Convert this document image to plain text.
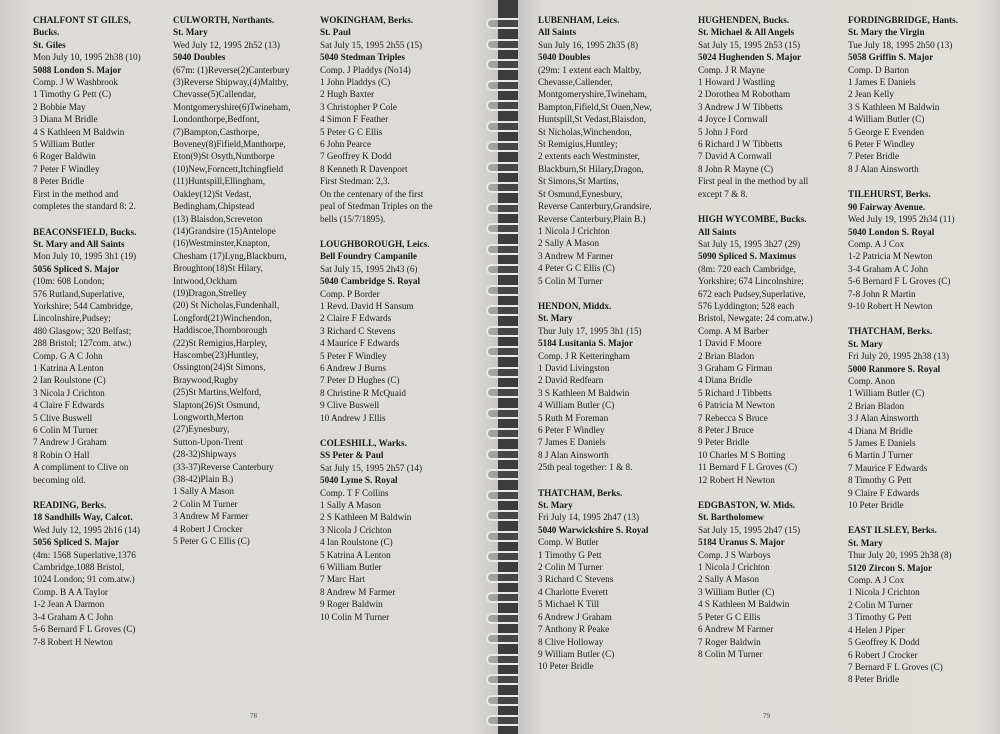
CHALFONT ST GILES,
Bucks.
St. Giles
Mon July 10, 1995 2h38 (10)
5088 London S. Major
Comp. J W Washbrook
1 Timothy G Pett (C)
2 Bobbie May
3 Diana M Bridle
4 S Kathleen M Baldwin
5 William Butler
6 Roger Baldwin
7 Peter F Windley
8 Peter Bridle
First in the method and
completes the standard 8: 2.
BEACONSFIELD, Bucks.
St. Mary and All Saints
Mon July 10, 1995 3h1 (19)
5056 Spliced S. Major
(10m: 608 London;
576 Rutland,Superlative,
Yorkshire; 544 Cambridge,
Lincolnshire,Pudsey;
480 Glasgow; 320 Belfast;
288 Bristol; 127com. atw.)
Comp. G A C John
1 Katrina A Lenton
2 Ian Roulstone (C)
3 Nicola J Crichton
4 Claire F Edwards
5 Clive Buswell
6 Colin M Turner
7 Andrew J Graham
8 Robin O Hall
A compliment to Clive on
becoming old.
READING, Berks.
18 Sandhills Way, Calcot.
Wed July 12, 1995 2h16 (14)
5056 Spliced S. Major
(4m: 1568 Superlative,1376
Cambridge,1088 Bristol,
1024 London; 91 com.atw.)
Comp. B A A Taylor
1-2 Jean A Darmon
3-4 Graham A C John
5-6 Bernard F L Groves (C)
7-8 Robert H Newton
CULWORTH, Northants.
St. Mary
Wed July 12, 1995 2h52 (13)
5040 Doubles
(67m: (1)Reverse(2)Canterbury
(3)Reverse Shipway,(4)Maltby,
Chevasse(5)Callendar,
Montgomeryshire(6)Twineham,
Londonthorpe,Bedfont,
(7)Bampton,Casthorpe,
Boveney(8)Fifield,Manthorpe,
Eton(9)St Osyth,Nunthorpe
(10)New,Forncett,Itchingfield
(11)Huntspill,Ellingham,
Oakley(12)St Vedast,
Bedingham,Chipstead
(13) Blaisdon,Screveton
(14)Grandsire (15)Antelope
(16)Westminster,Knapton,
Chesham (17)Lyng,Blackburn,
Broughton(18)St Hilary,
Intwood,Ockham
(19)Dragon,Strelley
(20) St Nicholas,Fundenhall,
Longford(21)Winchendon,
Haddiscoe,Thornborough
(22)St Remigius,Harpley,
Hascombe(23)Huntley,
Ossington(24)St Simons,
Braywood,Rugby
(25)St Martins,Welford,
Slapton(26)St Osmund,
Longworth,Merton
(27)Eynesbury,
Sutton-Upon-Trent
(28-32)Shipways
(33-37)Reverse Canterbury
(38-42)Plain B.)
1 Sally A Mason
2 Colin M Turner
3 Andrew M Farmer
4 Robert J Crocker
5 Peter G C Ellis (C)
WOKINGHAM, Berks.
St. Paul
Sat July 15, 1995 2h55 (15)
5040 Stedman Triples
Comp. J Pladdys (No14)
1 John Pladdys (C)
2 Hugh Baxter
3 Christopher P Cole
4 Simon F Feather
5 Peter G C Ellis
6 John Pearce
7 Geoffrey K Dodd
8 Kenneth R Davenport
First Stedman: 2,3.
On the centenary of the first
peal of Stedman Triples on the
bells (15/7/1895).
LOUGHBOROUGH, Leics.
Bell Foundry Campanile
Sat July 15, 1995 2h43 (6)
5040 Cambridge S. Royal
Comp. P Border
1 Revd. David H Sansum
2 Claire F Edwards
3 Richard C Stevens
4 Maurice F Edwards
5 Peter F Windley
6 Andrew J Burns
7 Peter D Hughes (C)
8 Christine R McQuaid
9 Clive Buswell
10 Andrew J Ellis
COLESHILL, Warks.
SS Peter & Paul
Sat July 15, 1995 2h57 (14)
5040 Lyme S. Royal
Comp. T F Collins
1 Sally A Mason
2 S Kathleen M Baldwin
3 Nicola J Crichton
4 Ian Roulstone (C)
5 Katrina A Lenton
6 William Butler
7 Marc Hart
8 Andrew M Farmer
9 Roger Baldwin
10 Colin M Turner
78
LUBENHAM, Leics.
All Saints
Sun July 16, 1995 2h35 (8)
5040 Doubles
(29m: 1 extent each Maltby,
Chevasse,Callender,
Montgomeryshire,Twineham,
Bampton,Fifield,St Ouen,New,
Huntspill,St Vedast,Blaisdon,
St Nicholas,Winchendon,
St Remigius,Huntley;
2 extents each Westminster,
Blackburn,St Hilary,Dragon,
St Simons,St Martins,
St Osmund,Eynesbury,
Reverse Canterbury,Grandsire,
Reverse Canterbury,Plain B.)
1 Nicola J Crichton
2 Sally A Mason
3 Andrew M Farmer
4 Peter G C Ellis (C)
5 Colin M Turner
HENDON, Middx.
St. Mary
Thur July 17, 1995 3h1 (15)
5184 Lusitania S. Major
Comp. J R Ketteringham
1 David Livingston
2 David Redfearn
3 S Kathleen M Baldwin
4 William Butler (C)
5 Ruth M Foreman
6 Peter F Windley
7 James E Daniels
8 J Alan Ainsworth
25th peal together: 1 & 8.
THATCHAM, Berks.
St. Mary
Fri July 14, 1995 2h47 (13)
5040 Warwickshire S. Royal
Comp. W Butler
1 Timothy G Pett
2 Colin M Turner
3 Richard C Stevens
4 Charlotte Everett
5 Michael K Till
6 Andrew J Graham
7 Anthony R Peake
8 Clive Holloway
9 William Butler (C)
10 Peter Bridle
HUGHENDEN, Bucks.
St. Michael & All Angels
Sat July 15, 1995 2h53 (15)
5024 Hughenden S. Major
Comp. J R Mayne
1 Howard J Wastling
2 Dorothea M Robotham
3 Andrew J W Tibbetts
4 Joyce I Cornwall
5 John J Ford
6 Richard J W Tibbetts
7 David A Cornwall
8 John R Mayne (C)
First peal in the method by all
except 7 & 8.
HIGH WYCOMBE, Bucks.
All Saints
Sat July 15, 1995 3h27 (29)
5090 Spliced S. Maximus
(8m: 720 each Cambridge,
Yorkshire; 674 Lincolnshire;
672 each Pudsey,Superlative,
576 Lyddington; 528 each
Bristol, Newgate: 24 com.atw.)
Comp. A M Barber
1 David F Moore
2 Brian Bladon
3 Graham G Firman
4 Diana Bridle
5 Richard J Tibbetts
6 Patricia M Newton
7 Rebecca S Bruce
8 Peter J Bruce
9 Peter Bridle
10 Charles M S Botting
11 Bernard F L Groves (C)
12 Robert H Newton
EDGBASTON, W. Mids.
St. Bartholomew
Sat July 15, 1995 2h47 (15)
5184 Uranus S. Major
Comp. J S Warboys
1 Nicola J Crichton
2 Sally A Mason
3 William Butler (C)
4 S Kathleen M Baldwin
5 Peter G C Ellis
6 Andrew M Farmer
7 Roger Baldwin
8 Colin M Turner
FORDINGBRIDGE, Hants.
St. Mary the Virgin
Tue July 18, 1995 2h50 (13)
5058 Griffin S. Major
Comp. D Barton
1 James E Daniels
2 Jean Kelly
3 S Kathleen M Baldwin
4 William Butler (C)
5 George E Evenden
6 Peter F Windley
7 Peter Bridle
8 J Alan Ainsworth
TILEHURST, Berks.
90 Fairway Avenue.
Wed July 19, 1995 2h34 (11)
5040 London S. Royal
Comp. A J Cox
1-2 Patricia M Newton
3-4 Graham A C John
5-6 Bernard F L Groves (C)
7-8 John R Martin
9-10 Robert H Newton
THATCHAM, Berks.
St. Mary
Fri July 20, 1995 2h38 (13)
5000 Ranmore S. Royal
Comp. Anon
1 William Butler (C)
2 Brian Bladon
3 J Alan Ainsworth
4 Diana M Bridle
5 James E Daniels
6 Martin J Turner
7 Maurice F Edwards
8 Timothy G Pett
9 Claire F Edwards
10 Peter Bridle
EAST ILSLEY, Berks.
St. Mary
Thur July 20, 1995 2h38 (8)
5120 Zircon S. Major
Comp. A J Cox
1 Nicola J Crichton
2 Colin M Turner
3 Timothy G Pett
4 Helen J Piper
5 Geoffrey K Dodd
6 Robert J Crocker
7 Bernard F L Groves (C)
8 Peter Bridle
79
